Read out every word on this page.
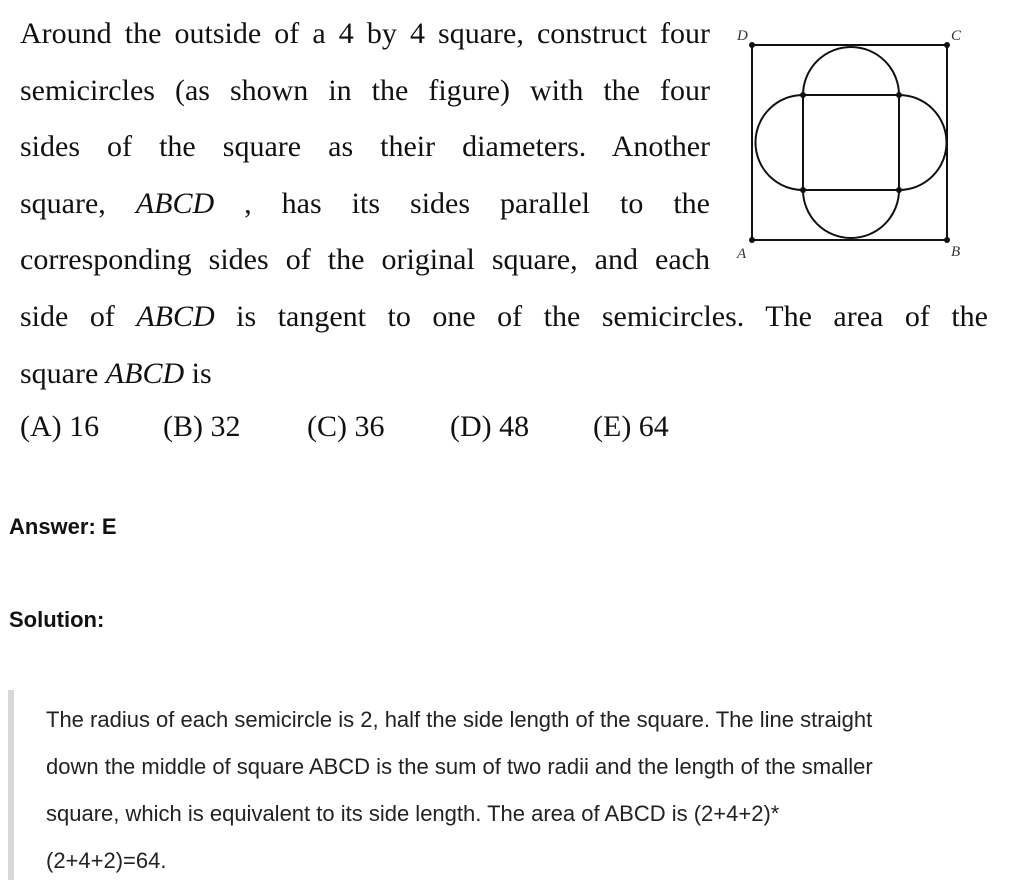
Around the outside of a 4 by 4 square, construct four
semicircles (as shown in the figure) with the four
sides of the square as their diameters. Another
square, ABCD , has its sides parallel to the
corresponding sides of the original square, and each
side of ABCD is tangent to one of the semicircles. The area of the
square ABCD is
(A) 16 (B) 32 (C) 36 (D) 48 (E) 64
D	C
A	B
Answer: E
Solution:
The radius of each semicircle is 2, half the side length of the square. The line straight
down the middle of square ABCD is the sum of two radii and the length of the smaller
square, which is equivalent to its side length. The area of ABCD is (2+4+2)*
(2+4+2)=64.
